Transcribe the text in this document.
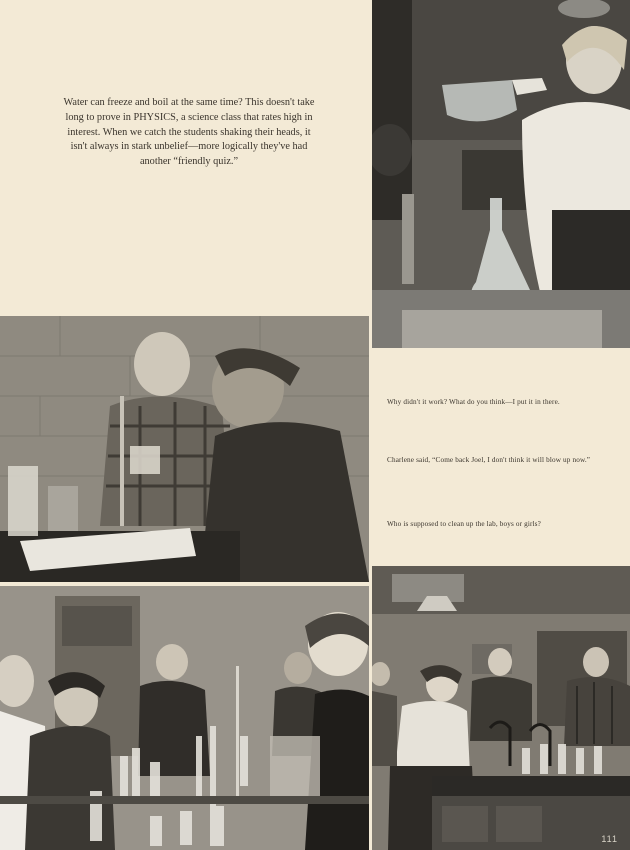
Water can freeze and boil at the same time? This doesn't take long to prove in PHYSICS, a science class that rates high in interest. When we catch the students shaking their heads, it isn't always in stark unbelief—more logically they've had another “friendly quiz.”
Why didn't it work? What do you think—I put it in there.
Charlene said, “Come back Joel, I don't think it will blow up now.”
Who is supposed to clean up the lab, boys or girls?
111
